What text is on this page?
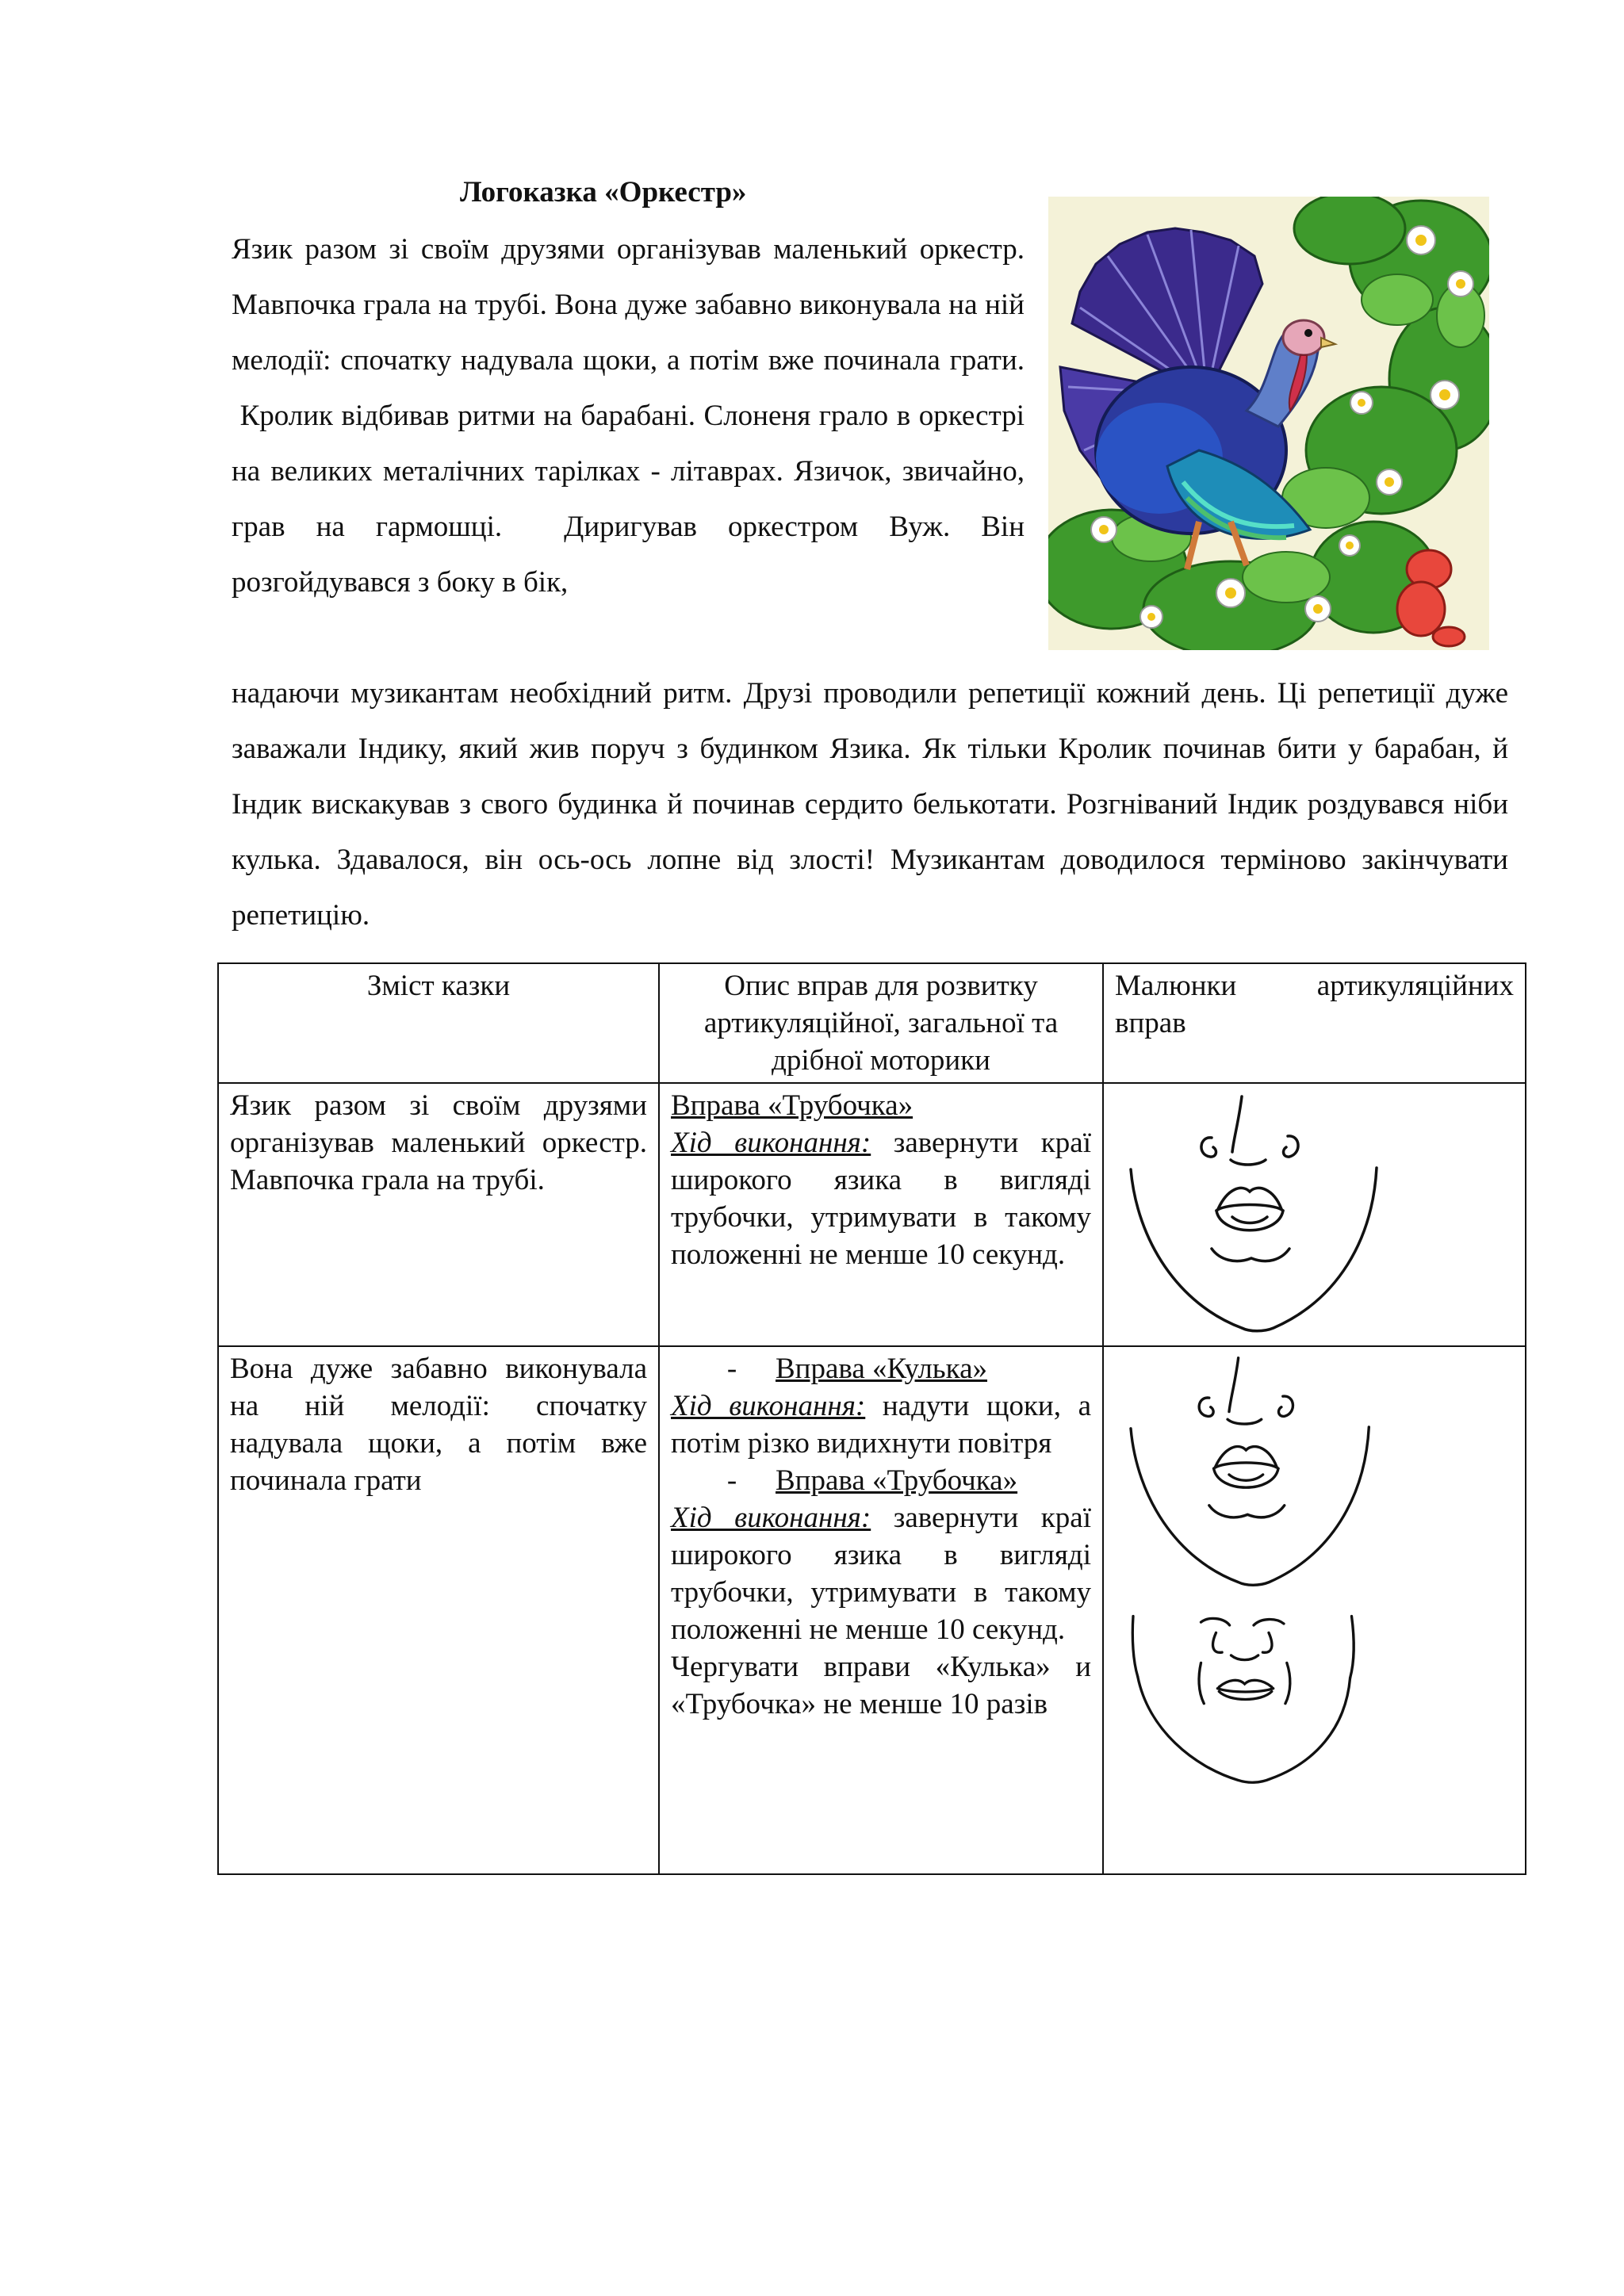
Логоказка «Оркестр»

Язик разом зі своїм друзями організував маленький оркестр. Мавпочка грала на трубі. Вона дуже забавно виконувала на ній мелодії: спочатку надувала щоки, а потім вже починала грати.

Кролик відбивав ритми на барабані. Слоненя грало в оркестрі на великих металічних тарілках - літаврах. Язичок, звичайно, грав на гармошці.  Диригував оркестром Вуж. Він розгойдувався з боку в бік,

надаючи музикантам необхідний ритм. Друзі проводили репетиції кожний день. Ці репетиції дуже заважали Індику, який жив поруч з будинком Язика. Як тільки Кролик починав бити у барабан, й Індик вискакував з свого будинка й починав сердито белькотати. Розгніваний Індик роздувався ніби кулька. Здавалося, він ось-ось лопне від злості! Музикантам доводилося терміново закінчувати репетицію.

Зміст казки	Опис вправ для розвитку артикуляційної, загальної та дрібної моторики	Малюнки артикуляційних вправ
Язик разом зі своїм друзями організував маленький оркестр. Мавпочка грала на трубі.	Вправа «Трубочка»
Хід виконання: завернути краї широкого язика в вигляді трубочки, утримувати в такому положенні не менше 10 секунд.

Вона дуже забавно виконувала на ній мелодії: спочатку надувала щоки, а потім вже починала грати	- Вправа «Кулька»
Хід виконання: надути щоки, а потім різко видихнути повітря
- Вправа «Трубочка»
Хід виконання: завернути краї широкого язика в вигляді трубочки, утримувати в такому положенні не менше 10 секунд.
Чергувати вправи «Кулька» и «Трубочка» не менше 10 разів
